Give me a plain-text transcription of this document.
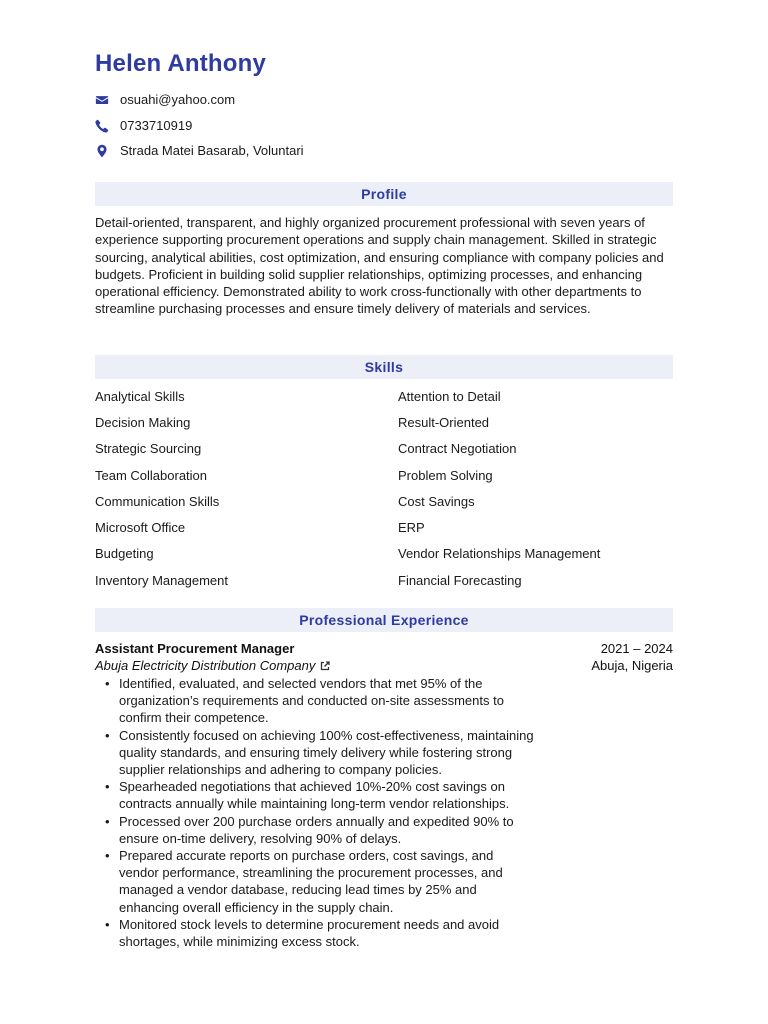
Helen Anthony
osuahi@yahoo.com
0733710919
Strada Matei Basarab, Voluntari
Profile
Detail-oriented, transparent, and highly organized procurement professional with seven years of experience supporting procurement operations and supply chain management. Skilled in strategic sourcing, analytical abilities, cost optimization, and ensuring compliance with company policies and budgets. Proficient in building solid supplier relationships, optimizing processes, and enhancing operational efficiency. Demonstrated ability to work cross-functionally with other departments to streamline purchasing processes and ensure timely delivery of materials and services.
Skills
Analytical Skills
Decision Making
Strategic Sourcing
Team Collaboration
Communication Skills
Microsoft Office
Budgeting
Inventory Management
Attention to Detail
Result-Oriented
Contract Negotiation
Problem Solving
Cost Savings
ERP
Vendor Relationships Management
Financial Forecasting
Professional Experience
Assistant Procurement Manager	2021 – 2024
Abuja Electricity Distribution Company	Abuja, Nigeria
• Identified, evaluated, and selected vendors that met 95% of the organization’s requirements and conducted on-site assessments to confirm their competence.
• Consistently focused on achieving 100% cost-effectiveness, maintaining quality standards, and ensuring timely delivery while fostering strong supplier relationships and adhering to company policies.
• Spearheaded negotiations that achieved 10%-20% cost savings on contracts annually while maintaining long-term vendor relationships.
• Processed over 200 purchase orders annually and expedited 90% to ensure on-time delivery, resolving 90% of delays.
• Prepared accurate reports on purchase orders, cost savings, and vendor performance, streamlining the procurement processes, and managed a vendor database, reducing lead times by 25% and enhancing overall efficiency in the supply chain.
• Monitored stock levels to determine procurement needs and avoid shortages, while minimizing excess stock.
